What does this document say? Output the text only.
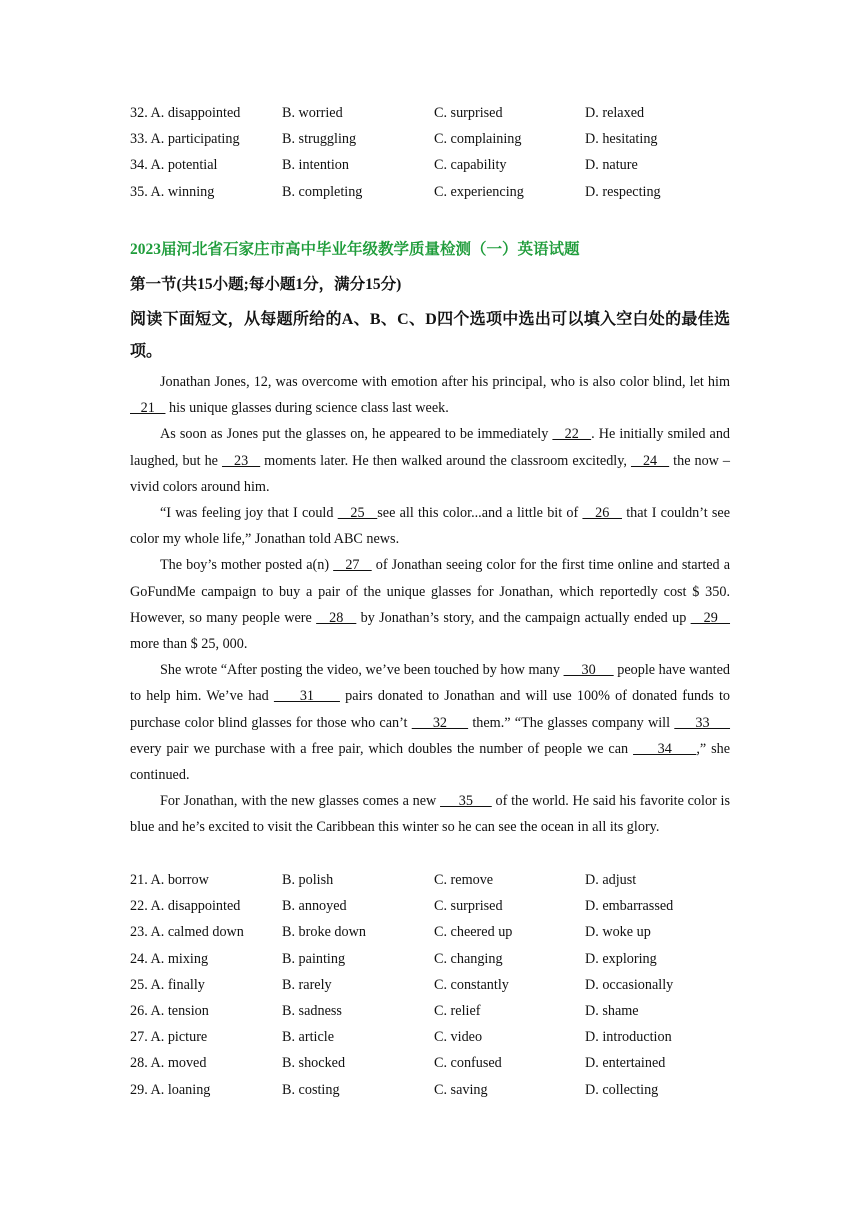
32. A. disappointed	B. worried	C. surprised	D. relaxed
33. A. participating	B. struggling	C. complaining	D. hesitating
34. A. potential	B. intention	C. capability	D. nature
35. A. winning	B. completing	C. experiencing	D. respecting
2023届河北省石家庄市高中毕业年级教学质量检测（一）英语试题
第一节(共15小题;每小题1分，满分15分)
阅读下面短文，从每题所给的A、B、C、D四个选项中选出可以填入空白处的最佳选项。

Jonathan Jones, 12, was overcome with emotion after his principal, who is also color blind, let him    21    his unique glasses during science class last week.

As soon as Jones put the glasses on, he appeared to be immediately    22   . He initially smiled and laughed, but he    23    moments later. He then walked around the classroom excitedly,    24    the now – vivid colors around him.

“I was feeling joy that I could    25   see all this color...and a little bit of    26    that I couldn’t see color my whole life,” Jonathan told ABC news.

The boy’s mother posted a(n)    27    of Jonathan seeing color for the first time online and started a GoFundMe campaign to buy a pair of the unique glasses for Jonathan, which reportedly cost $ 350. However, so many people were    28    by Jonathan’s story, and the campaign actually ended up    29    more than $ 25, 000.

She wrote “After posting the video, we’ve been touched by how many      30      people have wanted to help him. We’ve had      31      pairs donated to Jonathan and will use 100% of donated funds to purchase color blind glasses for those who can’t      32      them.” “The glasses company will      33      every pair we purchase with a free pair, which doubles the number of people we can      34     ,” she continued.

For Jonathan, with the new glasses comes a new      35      of the world. He said his favorite color is blue and he’s excited to visit the Caribbean this winter so he can see the ocean in all its glory.

21. A. borrow	B. polish	C. remove	D. adjust
22. A. disappointed	B. annoyed	C. surprised	D. embarrassed
23. A. calmed down	B. broke down	C. cheered up	D. woke up
24. A. mixing	B. painting	C. changing	D. exploring
25. A. finally	B. rarely	C. constantly	D. occasionally
26. A. tension	B. sadness	C. relief	D. shame
27. A. picture	B. article	C. video	D. introduction
28. A. moved	B. shocked	C. confused	D. entertained
29. A. loaning	B. costing	C. saving	D. collecting
